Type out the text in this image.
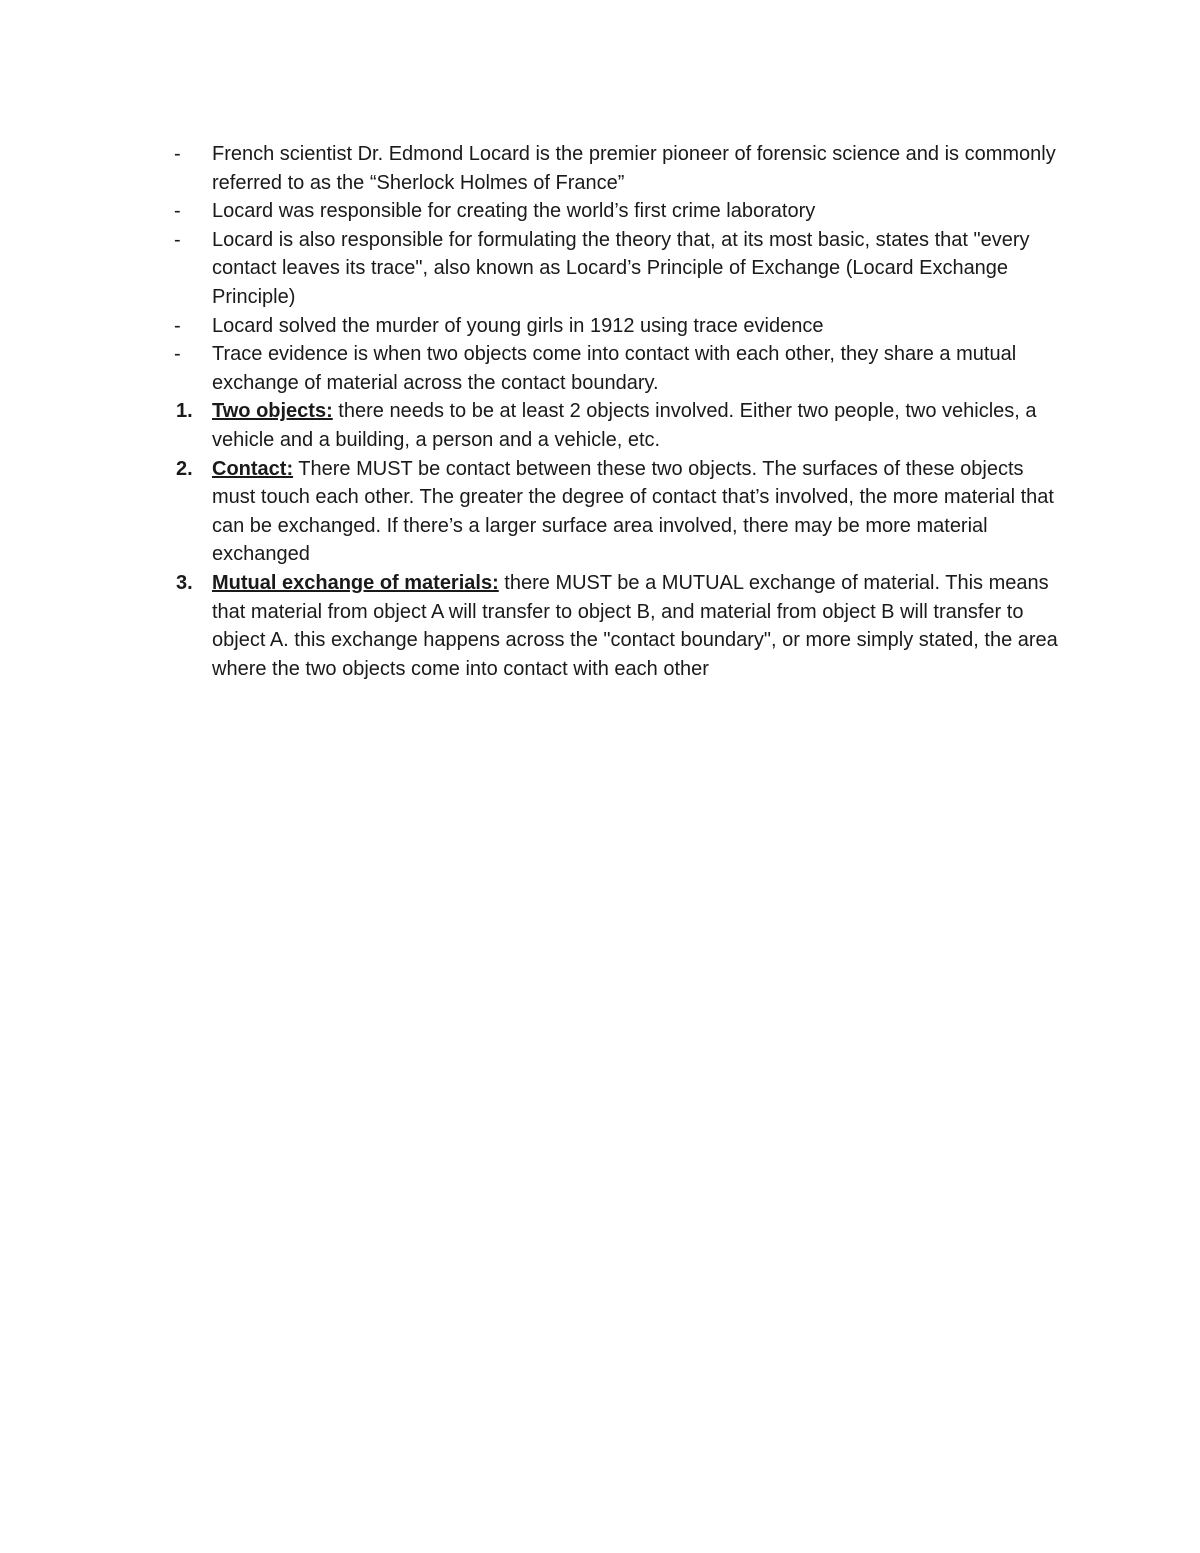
- French scientist Dr. Edmond Locard is the premier pioneer of forensic science and is commonly referred to as the “Sherlock Holmes of France”
- Locard was responsible for creating the world’s first crime laboratory
- Locard is also responsible for formulating the theory that, at its most basic, states that "every contact leaves its trace", also known as Locard’s Principle of Exchange (Locard Exchange Principle)
- Locard solved the murder of young girls in 1912 using trace evidence
- Trace evidence is when two objects come into contact with each other, they share a mutual exchange of material across the contact boundary.
1. Two objects: there needs to be at least 2 objects involved. Either two people, two vehicles, a vehicle and a building, a person and a vehicle, etc.
2. Contact: There MUST be contact between these two objects. The surfaces of these objects must touch each other. The greater the degree of contact that’s involved, the more material that can be exchanged. If there’s a larger surface area involved, there may be more material exchanged
3. Mutual exchange of materials: there MUST be a MUTUAL exchange of material. This means that material from object A will transfer to object B, and material from object B will transfer to object A. this exchange happens across the "contact boundary", or more simply stated, the area where the two objects come into contact with each other
